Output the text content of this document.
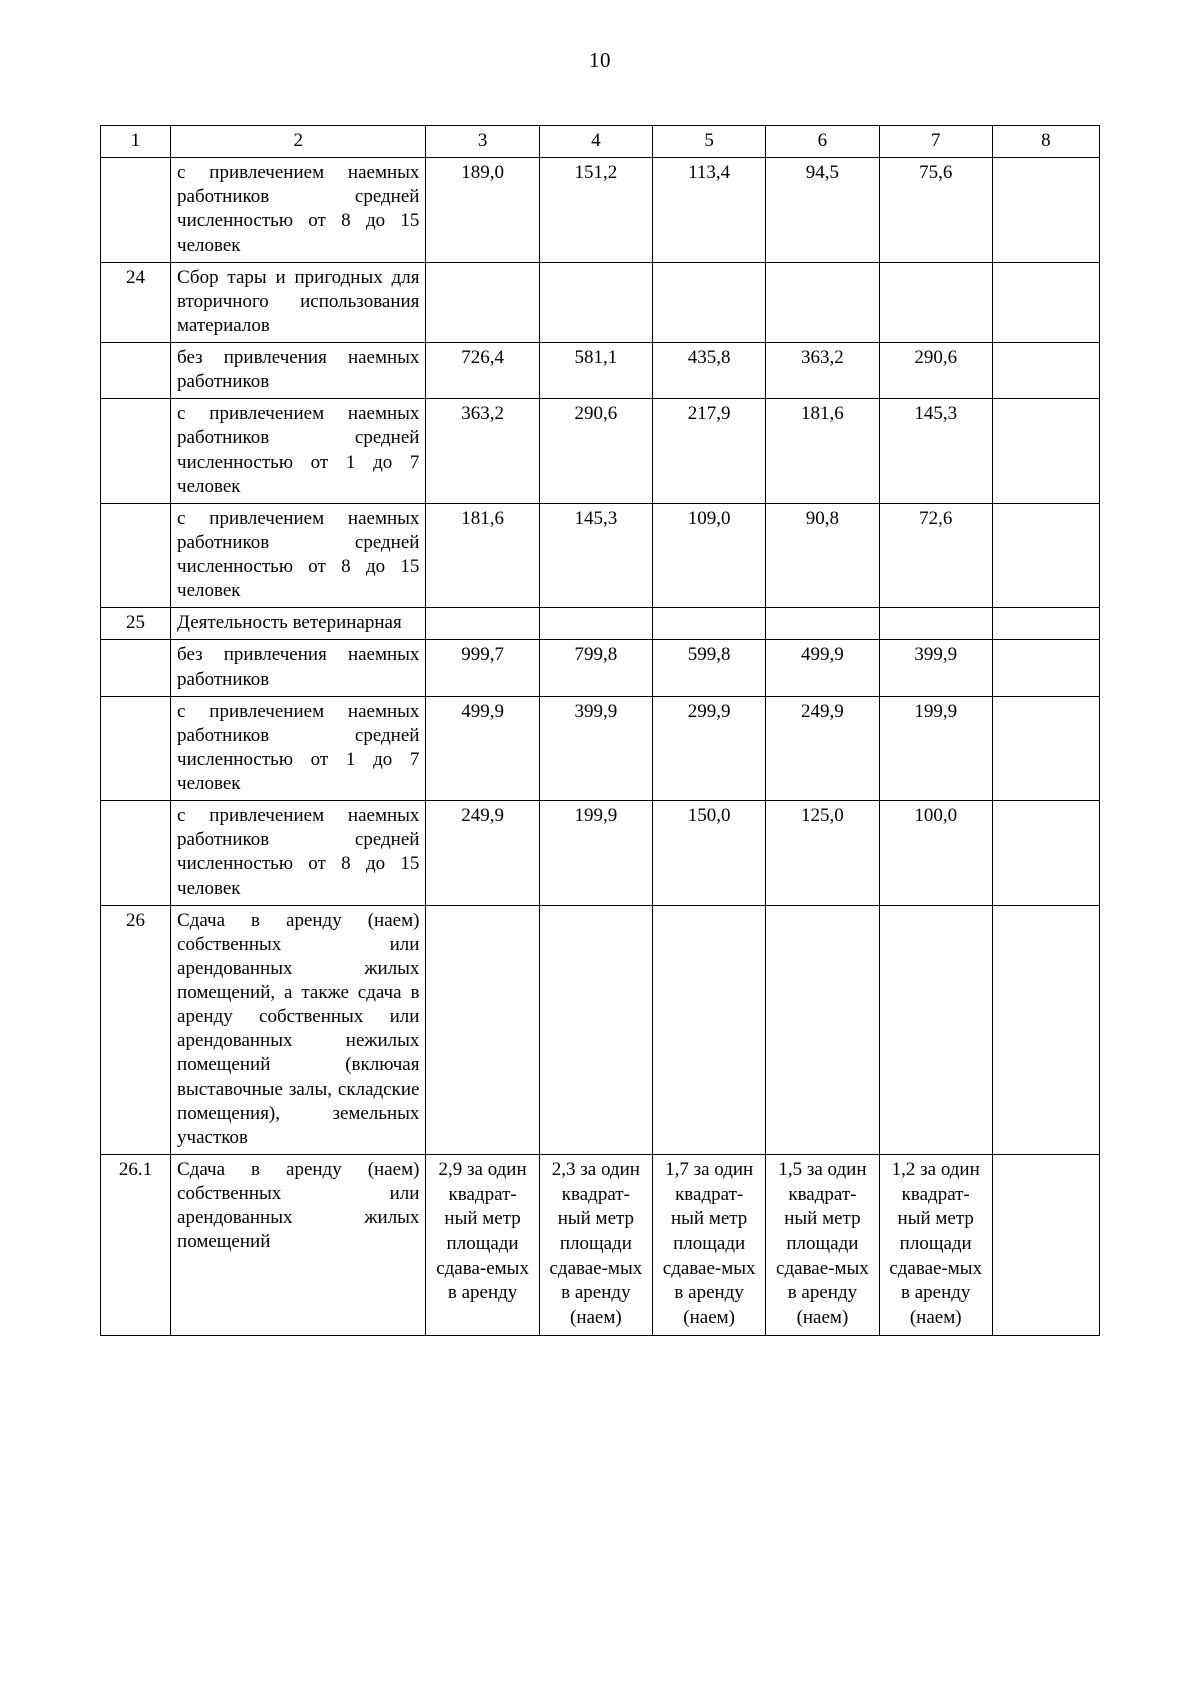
10
1	2	3	4	5	6	7	8
	с привлечением наемных работников средней численностью от 8 до 15 человек	189,0	151,2	113,4	94,5	75,6	
24	Сбор тары и пригодных для вторичного использования материалов						
	без привлечения наемных работников	726,4	581,1	435,8	363,2	290,6	
	с привлечением наемных работников средней численностью от 1 до 7 человек	363,2	290,6	217,9	181,6	145,3	
	с привлечением наемных работников средней численностью от 8 до 15 человек	181,6	145,3	109,0	90,8	72,6	
25	Деятельность ветеринарная						
	без привлечения наемных работников	999,7	799,8	599,8	499,9	399,9	
	с привлечением наемных работников средней численностью от 1 до 7 человек	499,9	399,9	299,9	249,9	199,9	
	с привлечением наемных работников средней численностью от 8 до 15 человек	249,9	199,9	150,0	125,0	100,0	
26	Сдача в аренду (наем) собственных или арендованных жилых помещений, а также сдача в аренду собственных или арендованных нежилых помещений (включая выставочные залы, складские помещения), земельных участков						
26.1	Сдача в аренду (наем) собственных или арендованных жилых помещений	2,9 за один квадрат-ный метр площади сдава-емых в аренду	2,3 за один квадрат-ный метр площади сдавае-мых в аренду (наем)	1,7 за один квадрат-ный метр площади сдавае-мых в аренду (наем)	1,5 за один квадрат-ный метр площади сдавае-мых в аренду (наем)	1,2 за один квадрат-ный метр площади сдавае-мых в аренду (наем)	
